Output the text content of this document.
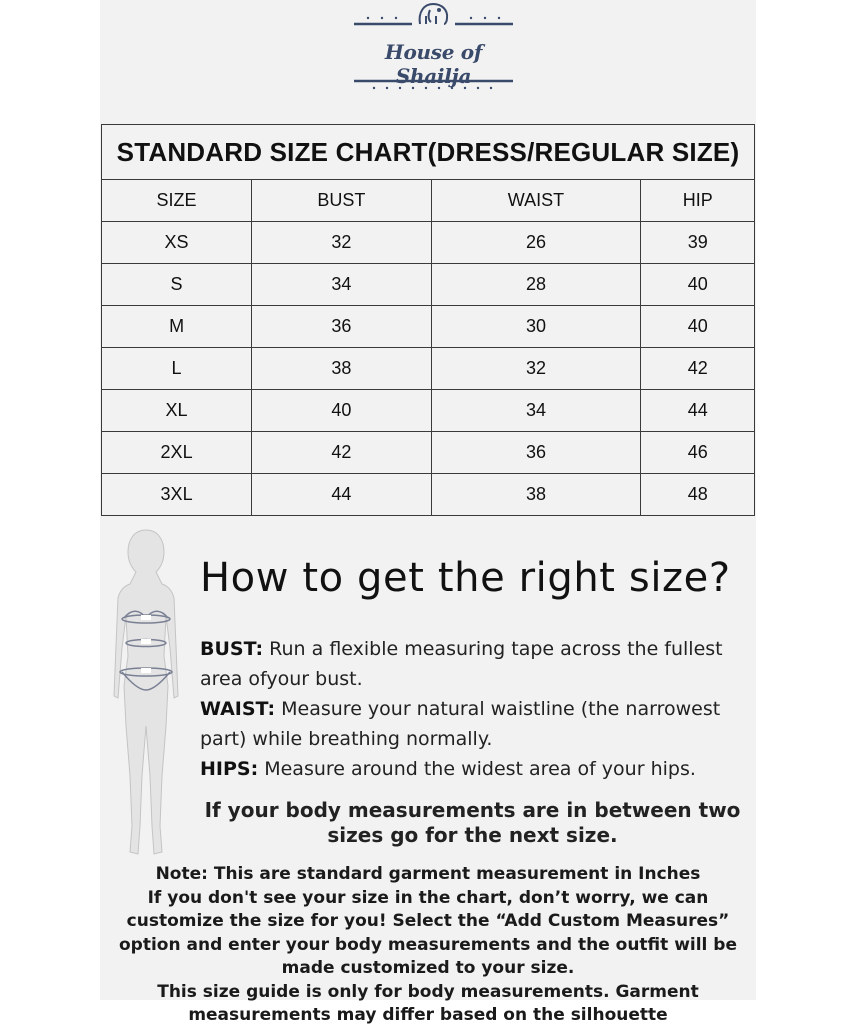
House of Shailja
STANDARD SIZE CHART(DRESS/REGULAR SIZE)			
SIZE	BUST	WAIST	HIP
XS	32	26	39
S	34	28	40
M	36	30	40
L	38	32	42
XL	40	34	44
2XL	42	36	46
3XL	44	38	48
How to get the right size?

BUST: Run a flexible measuring tape across the fullest area ofyour bust.

WAIST: Measure your natural waistline (the narrowest part) while breathing normally.

HIPS: Measure around the widest area of your hips.

If your body measurements are in between two sizes go for the next size.
Note: This are standard garment measurement in Inches
If you don't see your size in the chart, don’t worry, we can customize the size for you! Select the “Add Custom Measures” option and enter your body measurements and the outfit will be made customized to your size.
This size guide is only for body measurements. Garment measurements may differ based on the silhouette
